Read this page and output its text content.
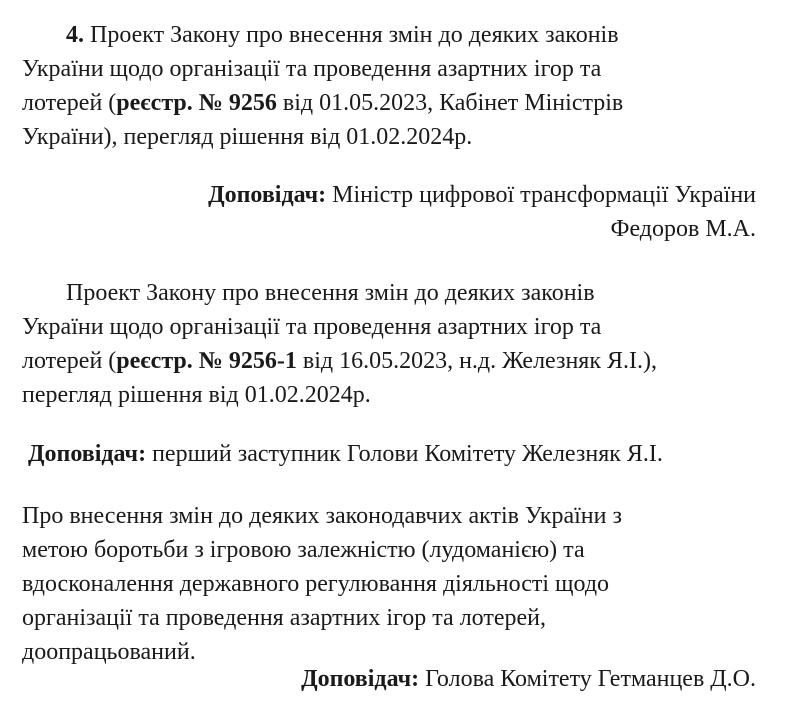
4. Проект Закону про внесення змін до деяких законів

України щодо організації та проведення азартних ігор та

лотерей (реєстр. № 9256 від 01.05.2023, Кабінет Міністрів

України), перегляд рішення від 01.02.2024р.

Доповідач: Міністр цифрової трансформації України

Федоров М.А.

Проект Закону про внесення змін до деяких законів

України щодо організації та проведення азартних ігор та

лотерей (реєстр. № 9256-1 від 16.05.2023, н.д. Железняк Я.І.),

перегляд рішення від 01.02.2024р.

Доповідач: перший заступник Голови Комітету Железняк Я.І.

Про внесення змін до деяких законодавчих актів України з

метою боротьби з ігровою залежністю (лудоманією) та

вдосконалення державного регулювання діяльності щодо

організації та проведення азартних ігор та лотерей,

доопрацьований.

Доповідач: Голова Комітету Гетманцев Д.О.
